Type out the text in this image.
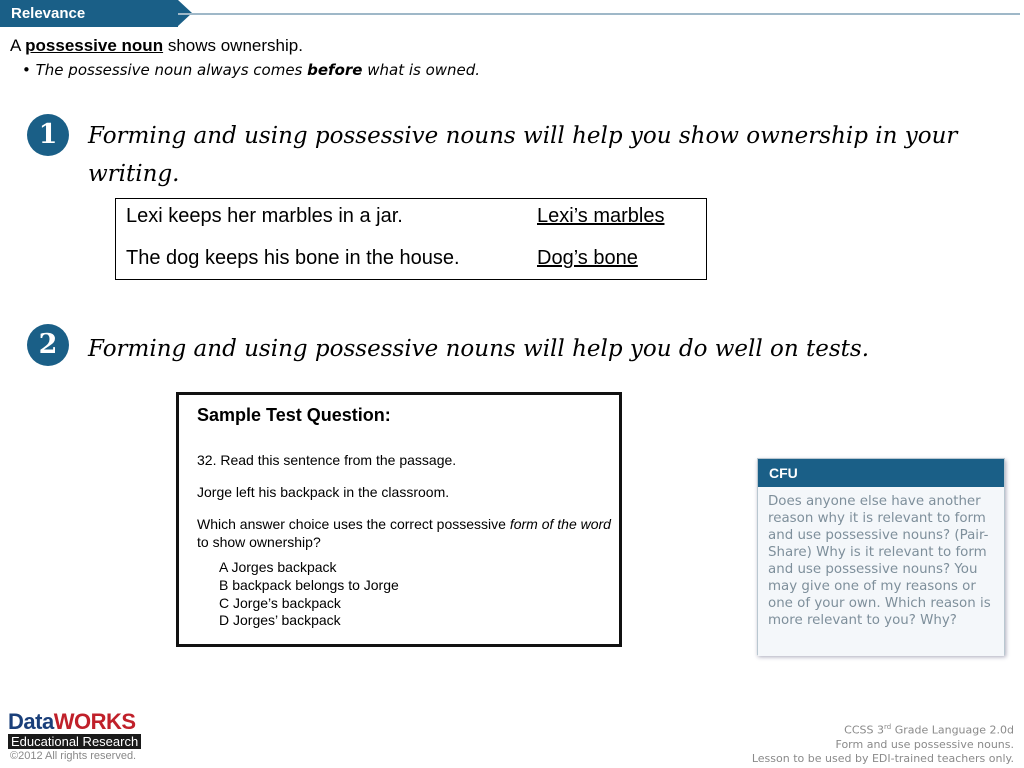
Relevance
A possessive noun shows ownership.
• The possessive noun always comes before what is owned.
1	Forming and using possessive nouns will help you show ownership in your writing.
Lexi keeps her marbles in a jar.	Lexi’s marbles
The dog keeps his bone in the house.	Dog’s bone
2	Forming and using possessive nouns will help you do well on tests.
Sample Test Question:
32. Read this sentence from the passage.
Jorge left his backpack in the classroom.
Which answer choice uses the correct possessive form of the word to show ownership?
A Jorges backpack
B backpack belongs to Jorge
C Jorge’s backpack
D Jorges’ backpack
CFU
Does anyone else have another reason why it is relevant to form and use possessive nouns? (Pair-Share) Why is it relevant to form and use possessive nouns? You may give one of my reasons or one of your own. Which reason is more relevant to you? Why?
DataWORKS
Educational Research
©2012 All rights reserved.
CCSS 3rd Grade Language 2.0d
Form and use possessive nouns.
Lesson to be used by EDI-trained teachers only.
